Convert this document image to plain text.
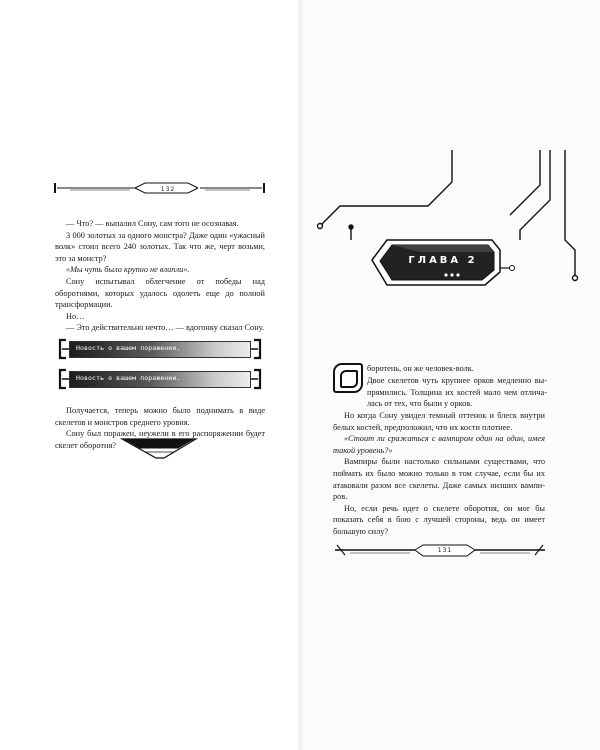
132

— Что? — выпалил Сону, сам того не осознавая.

3 000 золотых за одного монстра? Даже один «ужасный волк» стоил всего 240 золотых. Так что же, черт возьми, это за монстр?

«Мы чуть было крупно не влипли».

Сону испытывал облегчение от победы над оборотнями, которых удалось одолеть еще до полной трансформации.

Но…

— Это действительно нечто… — вдогонку сказал Сону.

Новость о вашем поражении.
Новость о вашем поражении.

Получается, теперь можно было поднимать в виде скелетов и монстров среднего уровня.

Сону был поражен, неужели в его распоряжении будет скелет оборотня?

ГЛАВА 2

боротень, он же человек-волк.

Двое скелетов чуть крупнее орков медленно вы-прямились. Толщина их костей мало чем отлича-лась от тех, что были у орков.

Но когда Сону увидел темный оттенок и блеск внутри белых костей, предположил, что их кости плотнее.

«Стоит ли сражаться с вампиром один на один, имея такой уровень?»

Вампиры были настолько сильными существами, что поймать их было можно только в том случае, если бы их атаковали разом все скелеты. Даже самых низших вампи-ров.

Но, если речь идет о скелете оборотня, он мог бы показать себя в бою с лучшей стороны, ведь он имеет большую силу?

131
